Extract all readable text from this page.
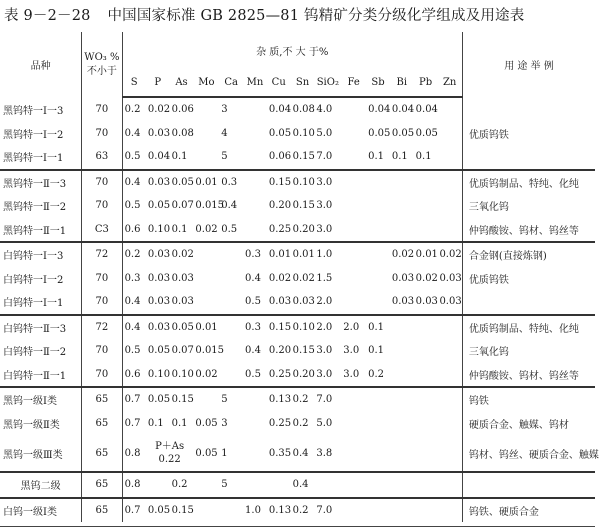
表 9－2－28 中国国家标准 GB 2825—81 钨精矿分类分级化学组成及用途表
品种	WO₃ %
不小于	杂 质,不 大 于%														用 途 举 例
		S	P	As	Mo	Ca	Mn	Cu	Sn	SiO₂	Fe	Sb	Bi	Pb	Zn	
黑钨特一Ⅰ一3	70	0.2	0.02	0.06		3		0.04	0.08	4.0		0.04	0.04	0.04		
黑钨特一Ⅰ一2	70	0.4	0.03	0.08		4		0.05	0.10	5.0		0.05	0.05	0.05		优质钨铁
黑钨特一Ⅰ一1	63	0.5	0.04	0.1		5		0.06	0.15	7.0		0.1	0.1	0.1		
黑钨特一Ⅱ一3	70	0.4	0.03	0.05	0.01	0.3		0.15	0.10	3.0						优质钨制品、特纯、化纯
黑钨特一Ⅱ一2	70	0.5	0.05	0.07	0.015	0.4		0.20	0.15	3.0						三氧化钨
黑钨特一Ⅱ一1	C3	0.6	0.10	0.1	0.02	0.5		0.25	0.20	3.0						仲钨酸铵、钨材、钨丝等
白钨特一Ⅰ一3	72	0.2	0.03	0.02			0.3	0.01	0.01	1.0			0.02	0.01	0.02	合金钢(直接炼钢)
白钨特一Ⅰ一2	70	0.3	0.03	0.03			0.4	0.02	0.02	1.5			0.03	0.02	0.03	优质钨铁
白钨特一Ⅰ一1	70	0.4	0.03	0.03			0.5	0.03	0.03	2.0			0.03	0.03	0.03	
白钨特一Ⅱ一3	72	0.4	0.03	0.05	0.01		0.3	0.15	0.10	2.0	2.0	0.1				优质钨制品、特纯、化纯
白钨特一Ⅱ一2	70	0.5	0.05	0.07	0.015		0.4	0.20	0.15	3.0	3.0	0.1				三氧化钨
白钨特一Ⅱ一1	70	0.6	0.10	0.10	0.02		0.5	0.25	0.20	3.0	3.0	0.2				仲钨酸铵、钨材、钨丝等
黑钨一级Ⅰ类	65	0.7	0.05	0.15		5		0.13	0.2	7.0						钨铁
黑钨一级Ⅱ类	65	0.7	0.1	0.1	0.05	3		0.25	0.2	5.0						硬质合金、触媒、钨材
黑钨一级Ⅲ类	65	0.8	P＋As
0.22		0.05	1		0.35	0.4	3.8						钨材、钨丝、硬质合金、触媒
黑钨二级	65	0.8		0.2		5			0.4							
白钨一级Ⅰ类	65	0.7	0.05	0.15			1.0	0.13	0.2	7.0						钨铁、硬质合金
